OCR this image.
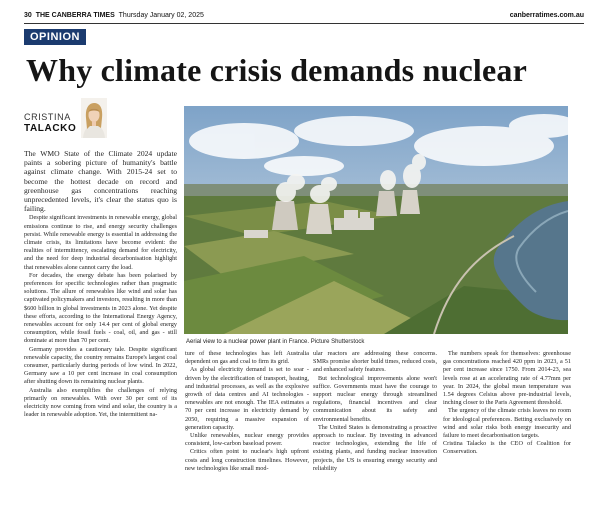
30 THE CANBERRA TIMES Thursday January 02, 2025	canberratimes.com.au
OPINION
Why climate crisis demands nuclear
CRISTINA
TALACKO
Aerial view to a nuclear power plant in France. Picture Shutterstock

The WMO State of the Climate 2024 update paints a sobering picture of humanity's battle against climate change. With 2015-24 set to become the hottest decade on record and greenhouse gas concentrations reaching unprecedented levels, it's clear the status quo is failing.

Despite significant investments in renewable energy, global emissions continue to rise, and energy security challenges persist. While renewable energy is essential in addressing the climate crisis, its limitations have become evident: the realities of intermittency, escalating demand for electricity, and the need for deep industrial decarbonisation highlight that renewables alone cannot carry the load.

For decades, the energy debate has been polarised by preferences for specific technologies rather than pragmatic solutions. The allure of renewables like wind and solar has captivated policymakers and investors, resulting in more than $600 billion in global investments in 2023 alone. Yet despite these efforts, according to the International Energy Agency, renewables account for only 14.4 per cent of global energy consumption, while fossil fuels - coal, oil, and gas - still dominate at more than 70 per cent.

Germany provides a cautionary tale. Despite significant renewable capacity, the country remains Europe's largest coal consumer, particularly during periods of low wind. In 2022, Germany saw a 10 per cent increase in coal consumption after shutting down its remaining nuclear plants.

Australia also exemplifies the challenges of relying primarily on renewables. With over 30 per cent of its electricity now coming from wind and solar, the country is a leader in renewable adoption. Yet, the intermittent na-

ture of these technologies has left Australia dependent on gas and coal to firm its grid.

As global electricity demand is set to soar - driven by the electrification of transport, heating, and industrial processes, as well as the explosive growth of data centres and AI technologies - renewables are not enough. The IEA estimates a 70 per cent increase in electricity demand by 2050, requiring a massive expansion of generation capacity.

Unlike renewables, nuclear energy provides consistent, low-carbon baseload power.

Critics often point to nuclear's high upfront costs and long construction timelines. However, new technologies like small mod-

ular reactors are addressing these concerns. SMRs promise shorter build times, reduced costs, and enhanced safety features.

But technological improvements alone won't suffice. Governments must have the courage to support nuclear energy through streamlined regulations, financial incentives and clear communication about its safety and environmental benefits.

The United States is demonstrating a proactive approach to nuclear. By investing in advanced reactor technologies, extending the life of existing plants, and funding nuclear innovation projects, the US is ensuring energy security and reliability

The numbers speak for themselves: greenhouse gas concentrations reached 420 ppm in 2023, a 51 per cent increase since 1750. From 2014-23, sea levels rose at an accelerating rate of 4.77mm per year. In 2024, the global mean temperature was 1.54 degrees Celsius above pre-industrial levels, inching closer to the Paris Agreement threshold.

The urgency of the climate crisis leaves no room for ideological preferences. Betting exclusively on wind and solar risks both energy insecurity and failure to meet decarbonisation targets.

Cristina Talacko is the CEO of Coalition for Conservation.
